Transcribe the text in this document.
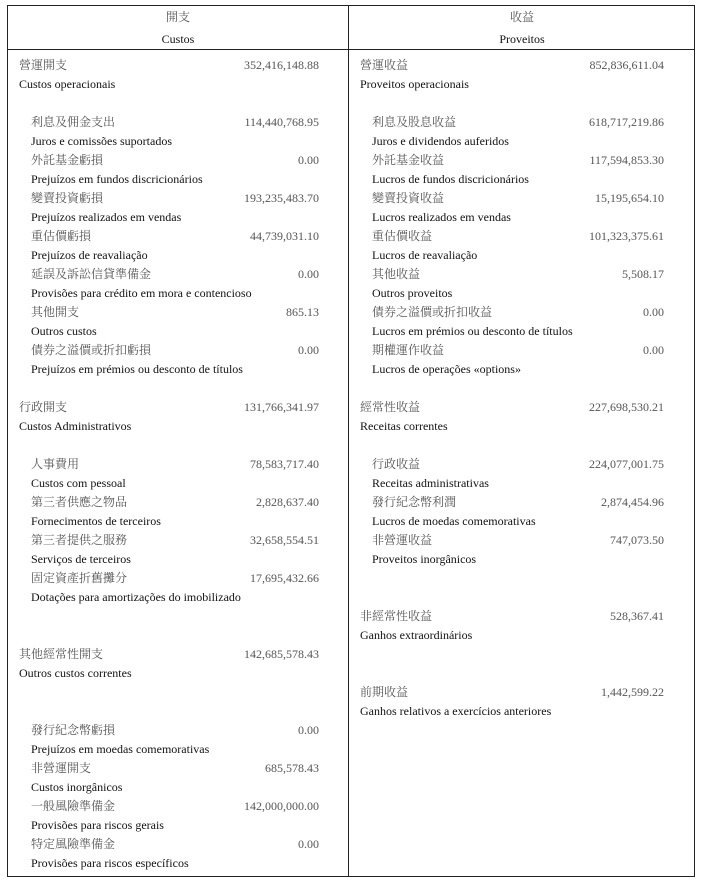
開支
Custos
營運開支	352,416,148.88
Custos operacionais
利息及佣金支出	114,440,768.95
Juros e comissões suportados
外託基金虧損	0.00
Prejuízos em fundos discricionários
變賣投資虧損	193,235,483.70
Prejuízos realizados em vendas
重估價虧損	44,739,031.10
Prejuízos de reavaliação
延誤及訴訟信貸準備金	0.00
Provisões para crédito em mora e contencioso
其他開支	865.13
Outros custos
債券之溢價或折扣虧損	0.00
Prejuízos em prémios ou desconto de títulos
行政開支	131,766,341.97
Custos Administrativos
人事費用	78,583,717.40
Custos com pessoal
第三者供應之物品	2,828,637.40
Fornecimentos de terceiros
第三者提供之服務	32,658,554.51
Serviços de terceiros
固定資產折舊攤分	17,695,432.66
Dotações para amortizações do imobilizado
其他經常性開支	142,685,578.43
Outros custos correntes
發行紀念幣虧損	0.00
Prejuízos em moedas comemorativas
非營運開支	685,578.43
Custos inorgânicos
一般風險準備金	142,000,000.00
Provisões para riscos gerais
特定風險準備金	0.00
Provisões para riscos específicos
收益
Proveitos
營運收益	852,836,611.04
Proveitos operacionais
利息及股息收益	618,717,219.86
Juros e dividendos auferidos
外託基金收益	117,594,853.30
Lucros de fundos discricionários
變賣投資收益	15,195,654.10
Lucros realizados em vendas
重估價收益	101,323,375.61
Lucros de reavaliação
其他收益	5,508.17
Outros proveitos
債券之溢價或折扣收益	0.00
Lucros em prémios ou desconto de títulos
期權運作收益	0.00
Lucros de operações «options»
經常性收益	227,698,530.21
Receitas correntes
行政收益	224,077,001.75
Receitas administrativas
發行紀念幣利潤	2,874,454.96
Lucros de moedas comemorativas
非營運收益	747,073.50
Proveitos inorgânicos
非經常性收益	528,367.41
Ganhos extraordinários
前期收益	1,442,599.22
Ganhos relativos a exercícios anteriores
